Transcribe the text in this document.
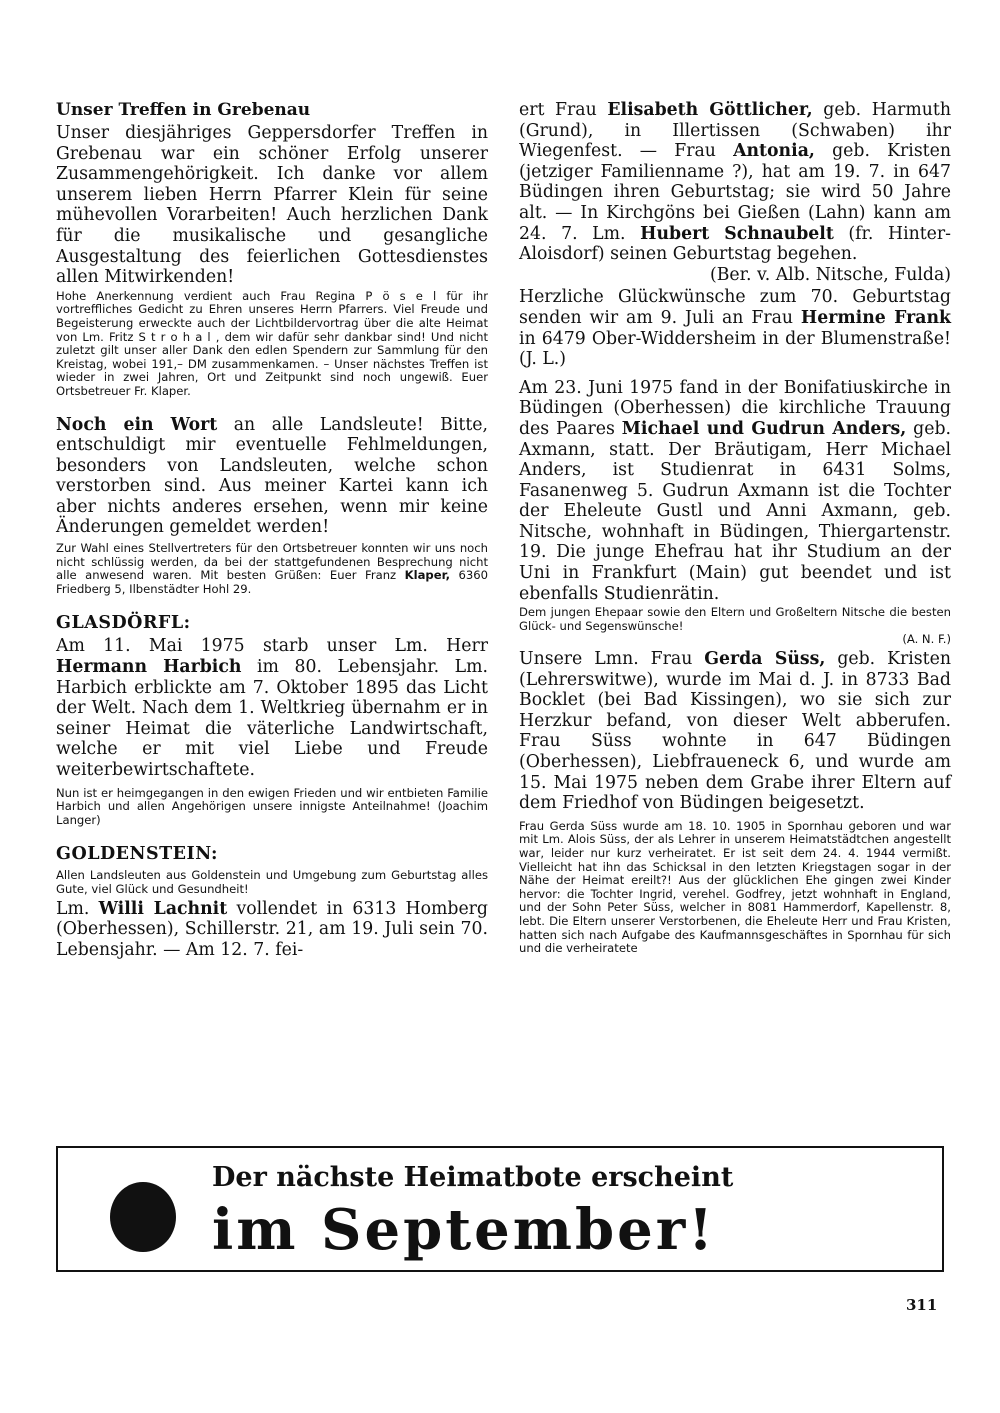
Unser Treffen in Grebenau

Unser diesjähriges Geppersdorfer Treffen in Grebenau war ein schöner Erfolg unserer Zusammengehörigkeit. Ich danke vor allem unserem lieben Herrn Pfarrer Klein für seine mühevollen Vorarbeiten! Auch herzlichen Dank für die musikalische und gesangliche Ausgestaltung des feierlichen Gottesdienstes allen Mitwirkenden!

Hohe Anerkennung verdient auch Frau Regina P ö s e l für ihr vortreffliches Gedicht zu Ehren unseres Herrn Pfarrers. Viel Freude und Begeisterung erweckte auch der Lichtbildervortrag über die alte Heimat von Lm. Fritz S t r o h a l , dem wir dafür sehr dankbar sind! Und nicht zuletzt gilt unser aller Dank den edlen Spendern zur Sammlung für den Kreistag, wobei 191,– DM zusammenkamen. – Unser nächstes Treffen ist wieder in zwei Jahren, Ort und Zeitpunkt sind noch ungewiß. Euer Ortsbetreuer Fr. Klaper.

Noch ein Wort an alle Landsleute! Bitte, entschuldigt mir eventuelle Fehlmeldungen, besonders von Landsleuten, welche schon verstorben sind. Aus meiner Kartei kann ich aber nichts anderes ersehen, wenn mir keine Änderungen gemeldet werden!

Zur Wahl eines Stellvertreters für den Ortsbetreuer konnten wir uns noch nicht schlüssig werden, da bei der stattgefundenen Besprechung nicht alle anwesend waren. Mit besten Grüßen: Euer Franz Klaper, 6360 Friedberg 5, Ilbenstädter Hohl 29.

GLASDÖRFL:

Am 11. Mai 1975 starb unser Lm. Herr Hermann Harbich im 80. Lebensjahr. Lm. Harbich erblickte am 7. Oktober 1895 das Licht der Welt. Nach dem 1. Weltkrieg übernahm er in seiner Heimat die väterliche Landwirtschaft, welche er mit viel Liebe und Freude weiterbewirtschaftete.

Nun ist er heimgegangen in den ewigen Frieden und wir entbieten Familie Harbich und allen Angehörigen unsere innigste Anteilnahme! (Joachim Langer)

GOLDENSTEIN:

Allen Landsleuten aus Goldenstein und Umgebung zum Geburtstag alles Gute, viel Glück und Gesundheit!

Lm. Willi Lachnit vollendet in 6313 Homberg (Oberhessen), Schillerstr. 21, am 19. Juli sein 70. Lebensjahr. — Am 12. 7. fei-

ert Frau Elisabeth Göttlicher, geb. Harmuth (Grund), in Illertissen (Schwaben) ihr Wiegenfest. — Frau Antonia, geb. Kristen (jetziger Familienname ?), hat am 19. 7. in 647 Büdingen ihren Geburtstag; sie wird 50 Jahre alt. — In Kirchgöns bei Gießen (Lahn) kann am 24. 7. Lm. Hubert Schnaubelt (fr. Hinter-Aloisdorf) seinen Geburtstag begehen.

(Ber. v. Alb. Nitsche, Fulda)

Herzliche Glückwünsche zum 70. Geburtstag senden wir am 9. Juli an Frau Hermine Frank in 6479 Ober-Widdersheim in der Blumenstraße! (J. L.)

Am 23. Juni 1975 fand in der Bonifatiuskirche in Büdingen (Oberhessen) die kirchliche Trauung des Paares Michael und Gudrun Anders, geb. Axmann, statt. Der Bräutigam, Herr Michael Anders, ist Studienrat in 6431 Solms, Fasanenweg 5. Gudrun Axmann ist die Tochter der Eheleute Gustl und Anni Axmann, geb. Nitsche, wohnhaft in Büdingen, Thiergartenstr. 19. Die junge Ehefrau hat ihr Studium an der Uni in Frankfurt (Main) gut beendet und ist ebenfalls Studienrätin.

Dem jungen Ehepaar sowie den Eltern und Großeltern Nitsche die besten Glück- und Segenswünsche!

(A. N. F.)

Unsere Lmn. Frau Gerda Süss, geb. Kristen (Lehrerswitwe), wurde im Mai d. J. in 8733 Bad Bocklet (bei Bad Kissingen), wo sie sich zur Herzkur befand, von dieser Welt abberufen. Frau Süss wohnte in 647 Büdingen (Oberhessen), Liebfraueneck 6, und wurde am 15. Mai 1975 neben dem Grabe ihrer Eltern auf dem Friedhof von Büdingen beigesetzt.

Frau Gerda Süss wurde am 18. 10. 1905 in Spornhau geboren und war mit Lm. Alois Süss, der als Lehrer in unserem Heimatstädtchen angestellt war, leider nur kurz verheiratet. Er ist seit dem 24. 4. 1944 vermißt. Vielleicht hat ihn das Schicksal in den letzten Kriegstagen sogar in der Nähe der Heimat ereilt?! Aus der glücklichen Ehe gingen zwei Kinder hervor: die Tochter Ingrid, verehel. Godfrey, jetzt wohnhaft in England, und der Sohn Peter Süss, welcher in 8081 Hammerdorf, Kapellenstr. 8, lebt. Die Eltern unserer Verstorbenen, die Eheleute Herr und Frau Kristen, hatten sich nach Aufgabe des Kaufmannsgeschäftes in Spornhau für sich und die verheiratete

Der nächste Heimatbote erscheint
im September!
311
